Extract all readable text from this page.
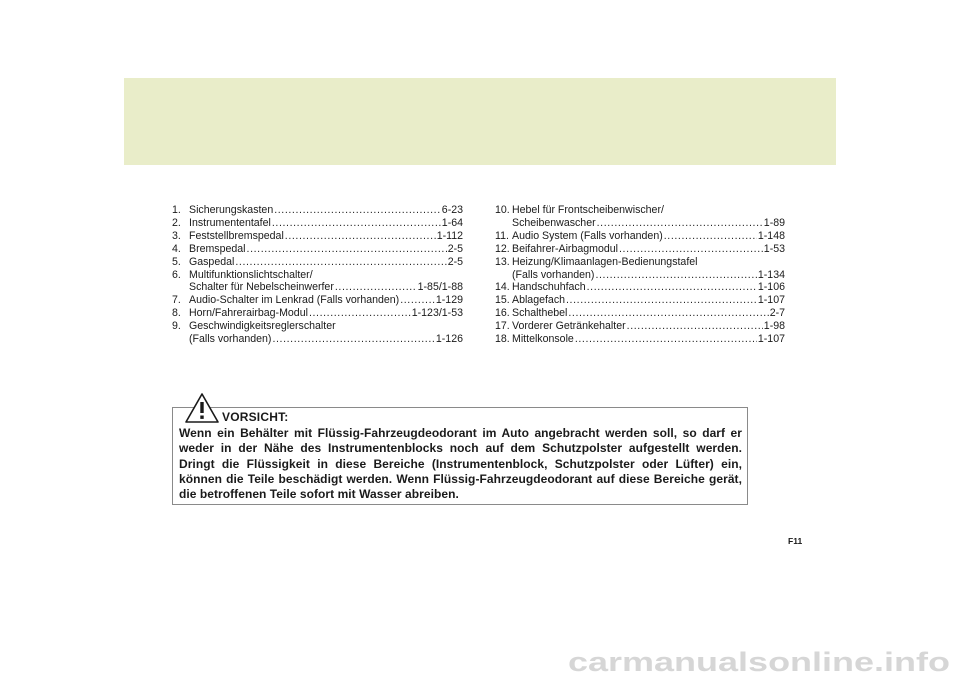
1. Sicherungskasten .....	6-23
2. Instrumententafel .....	1-64
3. Feststellbremspedal .....	1-112
4. Bremspedal .....	2-5
5. Gaspedal .....	2-5
6. Multifunktionslichtschalter/
Schalter für Nebelscheinwerfer .....	1-85/1-88
7. Audio-Schalter im Lenkrad (Falls vorhanden) .....	1-129
8. Horn/Fahrerairbag-Modul .....	1-123/1-53
9. Geschwindigkeitsreglerschalter
(Falls vorhanden) .....	1-126
10. Hebel für Frontscheibenwischer/
Scheibenwascher .....	1-89
11. Audio System (Falls vorhanden) .....	1-148
12. Beifahrer-Airbagmodul .....	1-53
13. Heizung/Klimaanlagen-Bedienungstafel
(Falls vorhanden) .....	1-134
14. Handschuhfach .....	1-106
15. Ablagefach .....	1-107
16. Schalthebel .....	2-7
17. Vorderer Getränkehalter .....	1-98
18. Mittelkonsole .....	1-107
VORSICHT:
Wenn ein Behälter mit Flüssig-Fahrzeugdeodorant im Auto angebracht werden soll, so darf er weder in der Nähe des Instrumentenblocks noch auf dem Schutzpolster aufgestellt werden. Dringt die Flüssigkeit in diese Bereiche (Instrumentenblock, Schutzpolster oder Lüfter) ein, können die Teile beschädigt werden. Wenn Flüssig-Fahrzeugdeodorant auf diese Bereiche gerät, die betroffenen Teile sofort mit Wasser abreiben.
F11
carmanualsonline.info
